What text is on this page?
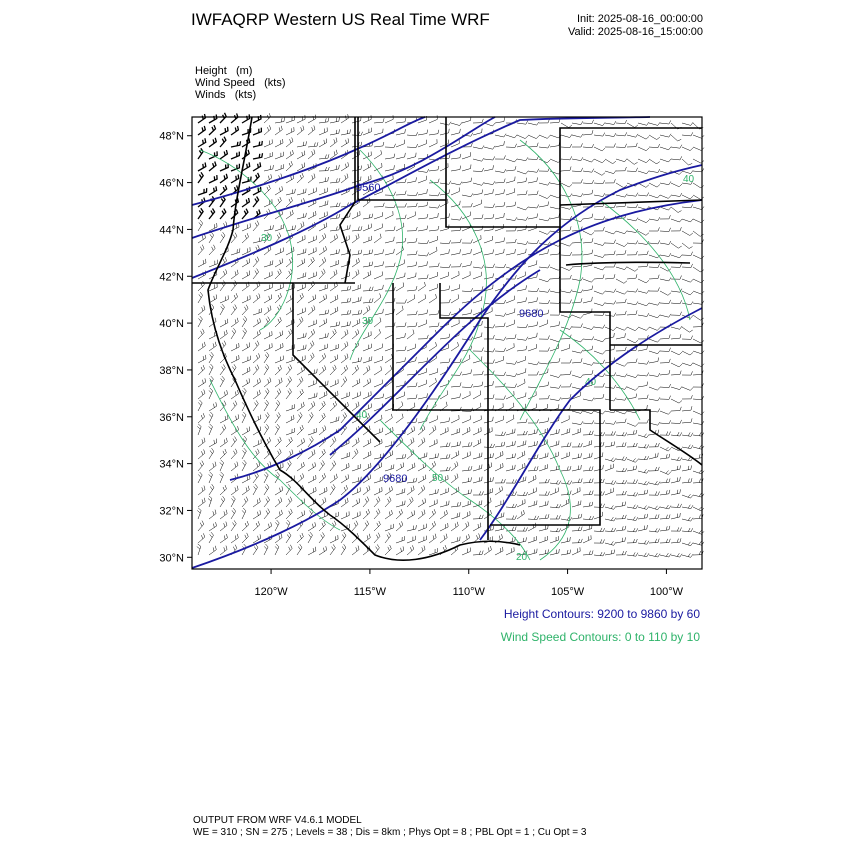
IWFAQRP Western US Real Time WRF	Init: 2025-08-16_00:00:00
Valid: 2025-08-16_15:00:00
Height (m)
Wind Speed (kts)
Winds (kts)
40
30
30
40
50
40
20
48°N
46°N
44°N
42°N
40°N
38°N
36°N
34°N
32°N
30°N
120°W	115°W	110°W	105°W	100°W
9560
9680
9680
Height Contours: 9200 to 9860 by 60
Wind Speed Contours: 0 to 110 by 10
OUTPUT FROM WRF V4.6.1 MODEL
WE = 310 ; SN = 275 ; Levels = 38 ; Dis = 8km ; Phys Opt = 8 ; PBL Opt = 1 ; Cu Opt = 3
